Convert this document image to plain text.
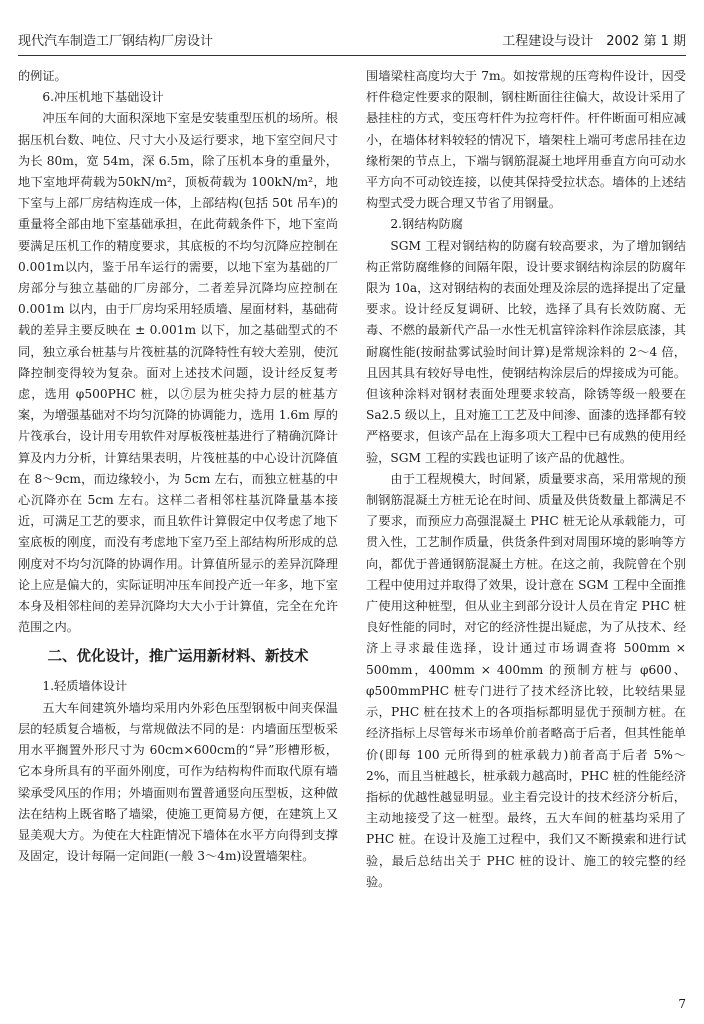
现代汽车制造工厂钢结构厂房设计	工程建设与设计　2002 第 1 期

的例证。

6.冲压机地下基础设计

冲压车间的大面积深地下室是安装重型压机的场所。根据压机台数、吨位、尺寸大小及运行要求，地下室空间尺寸为长 80m，宽 54m，深 6.5m，除了压机本身的重量外，地下室地坪荷载为50kN/m²，顶板荷载为 100kN/m²，地下室与上部厂房结构连成一体，上部结构(包括 50t 吊车)的重量将全部由地下室基础承担，在此荷载条件下，地下室尚要满足压机工作的精度要求，其底板的不均匀沉降应控制在0.001m以内，鉴于吊车运行的需要，以地下室为基础的厂房部分与独立基础的厂房部分，二者差异沉降均应控制在 0.001m 以内，由于厂房均采用轻质墙、屋面材料，基础荷载的差异主要反映在 ± 0.001m 以下，加之基础型式的不同，独立承台桩基与片筏桩基的沉降特性有较大差别，使沉降控制变得较为复杂。面对上述技术问题，设计经反复考虑，选用 φ500PHC 桩，以⑦层为桩尖持力层的桩基方案，为增强基础对不均匀沉降的协调能力，选用 1.6m 厚的片筏承台，设计用专用软件对厚板筏桩基进行了精确沉降计算及内力分析，计算结果表明，片筏桩基的中心设计沉降值在 8～9cm，而边缘较小，为 5cm 左右，而独立桩基的中心沉降亦在 5cm 左右。这样二者相邻柱基沉降量基本接近，可满足工艺的要求，而且软件计算假定中仅考虑了地下室底板的刚度，而没有考虑地下室乃至上部结构所形成的总刚度对不均匀沉降的协调作用。计算值所显示的差异沉降理论上应是偏大的，实际证明冲压车间投产近一年多，地下室本身及相邻柱间的差异沉降均大大小于计算值，完全在允许范围之内。

二、优化设计，推广运用新材料、新技术

1.轻质墙体设计

五大车间建筑外墙均采用内外彩色压型钢板中间夹保温层的轻质复合墙板，与常规做法不同的是：内墙面压型板采用水平搁置外形尺寸为 60cm×600cm的“异”形槽形板，它本身所具有的平面外刚度，可作为结构构件而取代原有墙梁承受风压的作用；外墙面则布置普通竖向压型板，这种做法在结构上既省略了墙梁，使施工更简易方便，在建筑上又显美观大方。为使在大柱距情况下墙体在水平方向得到支撑及固定，设计每隔一定间距(一般 3～4m)设置墙架柱。

围墙梁柱高度均大于 7m。如按常规的压弯构件设计，因受杆件稳定性要求的限制，钢柱断面往往偏大，故设计采用了悬挂柱的方式，变压弯杆件为拉弯杆件。杆件断面可相应减小，在墙体材料较轻的情况下，墙架柱上端可考虑吊挂在边缘桁架的节点上，下端与钢筋混凝土地坪用垂直方向可动水平方向不可动铰连接，以使其保持受拉状态。墙体的上述结构型式受力既合理又节省了用钢量。

2.钢结构防腐

SGM 工程对钢结构的防腐有较高要求，为了增加钢结构正常防腐维修的间隔年限，设计要求钢结构涂层的防腐年限为 10a，这对钢结构的表面处理及涂层的选择提出了定量要求。设计经反复调研、比较，选择了具有长效防腐、无毒、不燃的最新代产品一水性无机富锌涂料作涂层底漆，其耐腐性能(按耐盐雾试验时间计算)是常规涂料的 2～4 倍，且因其具有较好导电性，使钢结构涂层后的焊接成为可能。但该种涂料对钢材表面处理要求较高，除锈等级一般要在 Sa2.5 级以上，且对施工工艺及中间渗、面漆的选择都有较严格要求，但该产品在上海多项大工程中已有成熟的使用经验，SGM 工程的实践也证明了该产品的优越性。

由于工程规模大，时间紧，质量要求高，采用常规的预制钢筋混凝土方桩无论在时间、质量及供货数量上都满足不了要求，而预应力高强混凝土 PHC 桩无论从承载能力，可贯入性，工艺制作质量，供货条件到对周围环境的影响等方向，都优于普通钢筋混凝土方桩。在这之前，我院曾在个别工程中使用过并取得了效果，设计意在 SGM 工程中全面推广使用这种桩型，但从业主到部分设计人员在肯定 PHC 桩良好性能的同时，对它的经济性提出疑虑，为了从技术、经济上寻求最佳选择，设计通过市场调查将 500mm × 500mm，400mm × 400mm 的预制方桩与 φ600、φ500mmPHC 桩专门进行了技术经济比较，比较结果显示，PHC 桩在技术上的各项指标都明显优于预制方桩。在经济指标上尽管每米市场单价前者略高于后者，但其性能单价(即每 100 元所得到的桩承载力)前者高于后者 5%～2%，而且当桩越长，桩承载力越高时，PHC 桩的性能经济指标的优越性越显明显。业主看完设计的技术经济分析后，主动地接受了这一桩型。最终，五大车间的桩基均采用了 PHC 桩。在设计及施工过程中，我们又不断摸索和进行试验，最后总结出关于 PHC 桩的设计、施工的较完整的经验。

7
